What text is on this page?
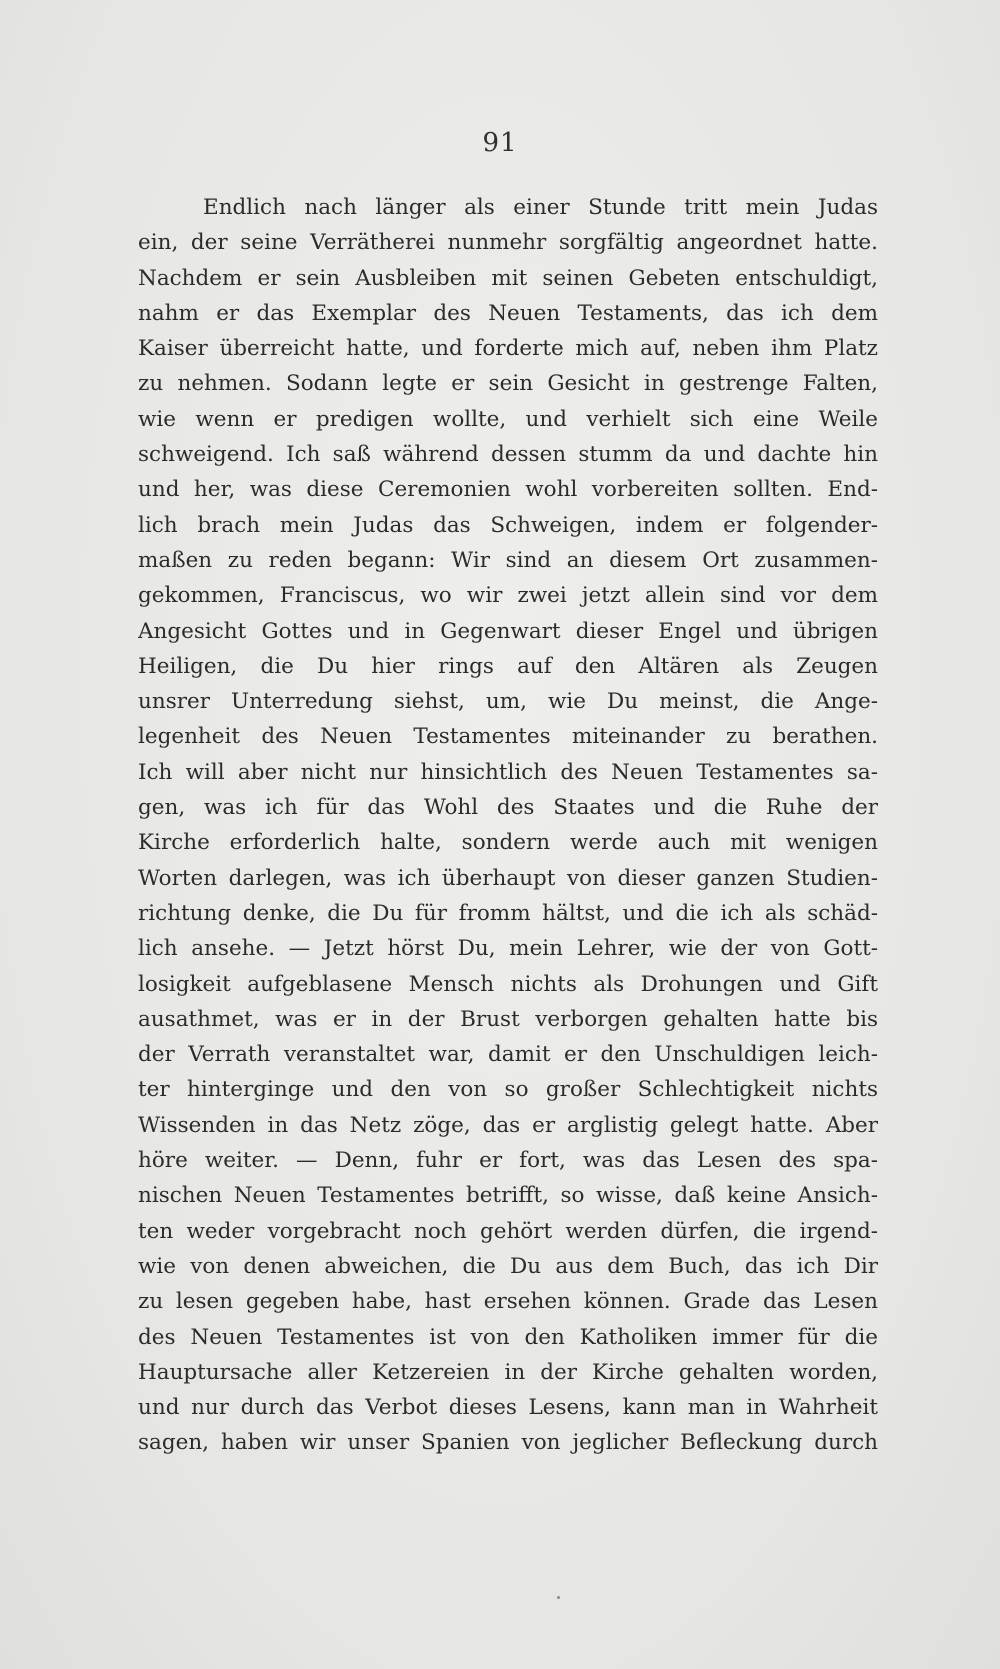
91
Endlich nach länger als einer Stunde tritt mein Judas
ein, der seine Verrätherei nunmehr sorgfältig angeordnet hatte.
Nachdem er sein Ausbleiben mit seinen Gebeten entschuldigt,
nahm er das Exemplar des Neuen Testaments, das ich dem
Kaiser überreicht hatte, und forderte mich auf, neben ihm Platz
zu nehmen. Sodann legte er sein Gesicht in gestrenge Falten,
wie wenn er predigen wollte, und verhielt sich eine Weile
schweigend. Ich saß während dessen stumm da und dachte hin
und her, was diese Ceremonien wohl vorbereiten sollten. End-
lich brach mein Judas das Schweigen, indem er folgender-
maßen zu reden begann: Wir sind an diesem Ort zusammen-
gekommen, Franciscus, wo wir zwei jetzt allein sind vor dem
Angesicht Gottes und in Gegenwart dieser Engel und übrigen
Heiligen, die Du hier rings auf den Altären als Zeugen
unsrer Unterredung siehst, um, wie Du meinst, die Ange-
legenheit des Neuen Testamentes miteinander zu berathen.
Ich will aber nicht nur hinsichtlich des Neuen Testamentes sa-
gen, was ich für das Wohl des Staates und die Ruhe der
Kirche erforderlich halte, sondern werde auch mit wenigen
Worten darlegen, was ich überhaupt von dieser ganzen Studien-
richtung denke, die Du für fromm hältst, und die ich als schäd-
lich ansehe. — Jetzt hörst Du, mein Lehrer, wie der von Gott-
losigkeit aufgeblasene Mensch nichts als Drohungen und Gift
ausathmet, was er in der Brust verborgen gehalten hatte bis
der Verrath veranstaltet war, damit er den Unschuldigen leich-
ter hinterginge und den von so großer Schlechtigkeit nichts
Wissenden in das Netz zöge, das er arglistig gelegt hatte. Aber
höre weiter. — Denn, fuhr er fort, was das Lesen des spa-
nischen Neuen Testamentes betrifft, so wisse, daß keine Ansich-
ten weder vorgebracht noch gehört werden dürfen, die irgend-
wie von denen abweichen, die Du aus dem Buch, das ich Dir
zu lesen gegeben habe, hast ersehen können. Grade das Lesen
des Neuen Testamentes ist von den Katholiken immer für die
Hauptursache aller Ketzereien in der Kirche gehalten worden,
und nur durch das Verbot dieses Lesens, kann man in Wahrheit
sagen, haben wir unser Spanien von jeglicher Befleckung durch
